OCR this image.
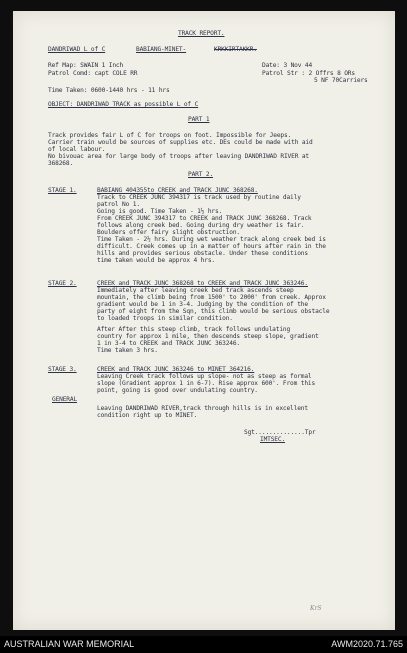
TRACK REPORT.
DANDRIWAD L of C	BABIANG-MINET-	KRKKIRTAKKR.
Ref Map: SWAIN 1 Inch	Date: 3 Nov 44
Patrol Comd: capt COLE RR	Patrol Str : 2 Offrs 8 ORs
5 NF 70Carriers
Time Taken: 0600-1440 hrs - 11 hrs
OBJECT: DANDRIWAD TRACK as possible L of C
PART 1
Track provides fair L of C for troops on foot. Impossible for Jeeps.
Carrier train would be sources of supplies etc. DEs could be made with aid
of local labour.
No bivouac area for large body of troops after leaving DANDRIWAD RIVER at
368268.
PART 2.
STAGE 1.	BABIANG 404355to CREEK and TRACK JUNC 368268.
Track to CREEK JUNC 394317 is track used by routine daily
patrol No 1.
Going is good. Time Taken - 1½ hrs.
From CREEK JUNC 394317 to CREEK and TRACK JUNC 368268. Track
follows along creek bed. Going during dry weather is fair.
Boulders offer fairy slight obstruction.
Time Taken - 2½ hrs. During wet weather track along creek bed is
difficult. Creek comes up in a matter of hours after rain in the
hills and provides serious obstacle. Under these conditions
time taken would be approx 4 hrs.
STAGE 2.	CREEK and TRACK JUNC 368268 to CREEK and TRACK JUNC 363246.
Immediately after leaving creek bed track ascends steep
mountain, the climb being from 1500' to 2000' from creek. Approx
gradient would be 1 in 3-4. Judging by the condition of the
party of eight from the Sqn, this climb would be serious obstacle
to loaded troops in similar condition.
After After this steep climb, track follows undulating
country for approx 1 mile, then descends steep slope, gradient
1 in 3-4 to CREEK and TRACK JUNC 363246.
Time taken 3 hrs.
STAGE 3.	CREEK and TRACK JUNC 363246 to MINET 364216.
Leaving Creek track follows up slope- not as steep as formal
slope (Gradient approx 1 in 6-7). Rise approx 600'. From this
point, going is good over undulating country.
GENERAL
Leaving DANDRIWAD RIVER,track through hills is in excellent
condition right up to MINET.
Sgt..............Tpr
IMTSEC.
KrS
AUSTRALIAN WAR MEMORIAL	AWM2020.71.765
